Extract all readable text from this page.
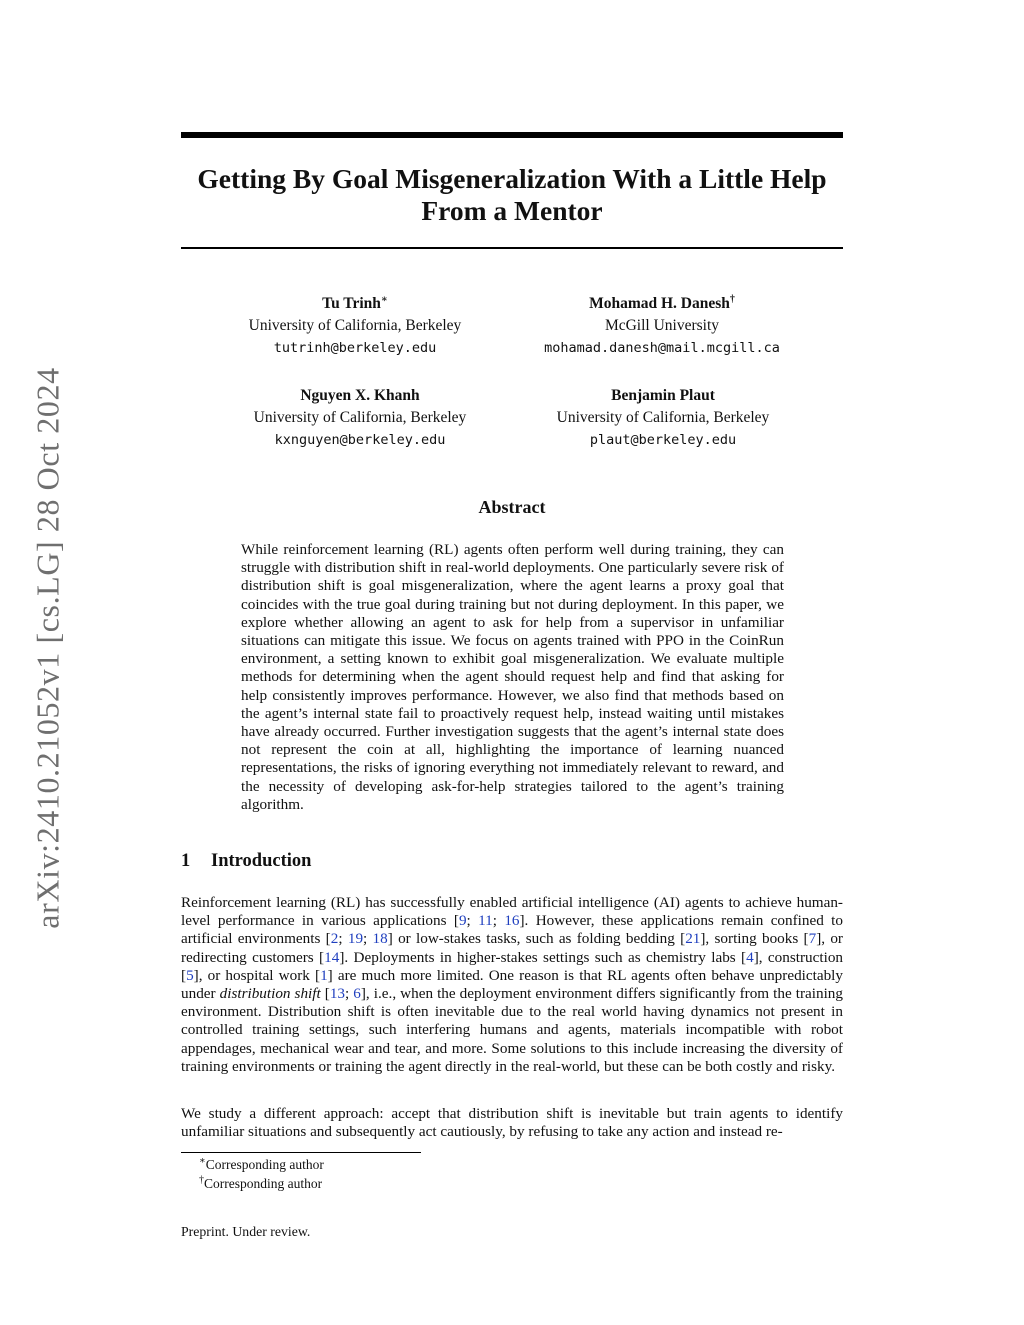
arXiv:2410.21052v1 [cs.LG] 28 Oct 2024
Getting By Goal Misgeneralization With a Little Help
From a Mentor
Tu Trinh∗
University of California, Berkeley
tutrinh@berkeley.edu
Mohamad H. Danesh†
McGill University
mohamad.danesh@mail.mcgill.ca
Nguyen X. Khanh
University of California, Berkeley
kxnguyen@berkeley.edu
Benjamin Plaut
University of California, Berkeley
plaut@berkeley.edu
Abstract
While reinforcement learning (RL) agents often perform well during training, they can struggle with distribution shift in real-world deployments. One particularly severe risk of distribution shift is goal misgeneralization, where the agent learns a proxy goal that coincides with the true goal during training but not during deployment. In this paper, we explore whether allowing an agent to ask for help from a supervisor in unfamiliar situations can mitigate this issue. We focus on agents trained with PPO in the CoinRun environment, a setting known to exhibit goal misgeneralization. We evaluate multiple methods for determining when the agent should request help and find that asking for help consistently improves performance. However, we also find that methods based on the agent’s internal state fail to proactively request help, instead waiting until mistakes have already occurred. Further investigation suggests that the agent’s internal state does not represent the coin at all, highlighting the importance of learning nuanced representations, the risks of ignoring everything not immediately relevant to reward, and the necessity of developing ask-for-help strategies tailored to the agent’s training algorithm.
1 Introduction

Reinforcement learning (RL) has successfully enabled artificial intelligence (AI) agents to achieve human-level performance in various applications [9; 11; 16]. However, these applications remain confined to artificial environments [2; 19; 18] or low-stakes tasks, such as folding bedding [21], sorting books [7], or redirecting customers [14]. Deployments in higher-stakes settings such as chemistry labs [4], construction [5], or hospital work [1] are much more limited. One reason is that RL agents often behave unpredictably under distribution shift [13; 6], i.e., when the deployment environment differs significantly from the training environment. Distribution shift is often inevitable due to the real world having dynamics not present in controlled training settings, such interfering humans and agents, materials incompatible with robot appendages, mechanical wear and tear, and more. Some solutions to this include increasing the diversity of training environments or training the agent directly in the real-world, but these can be both costly and risky.

We study a different approach: accept that distribution shift is inevitable but train agents to identify unfamiliar situations and subsequently act cautiously, by refusing to take any action and instead re-

∗Corresponding author
†Corresponding author
Preprint. Under review.
